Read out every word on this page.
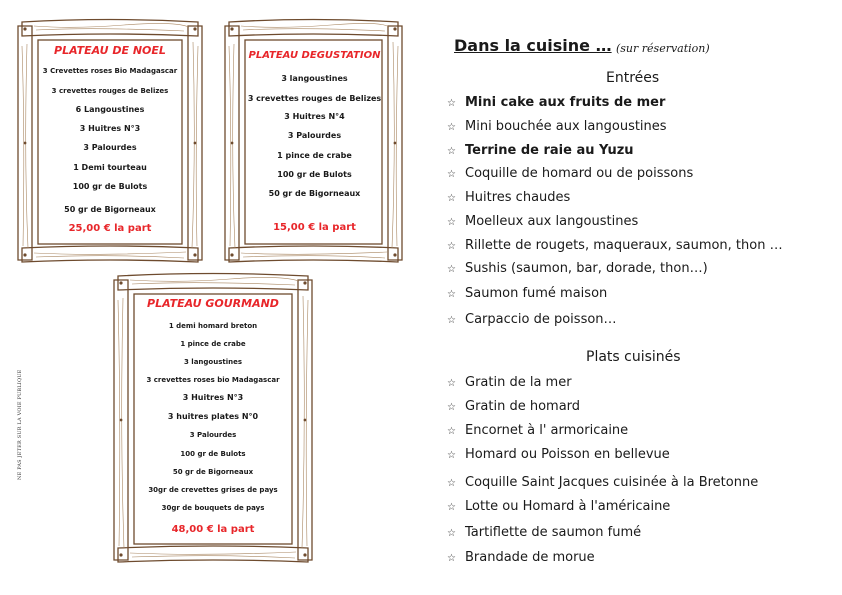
PLATEAU DE NOEL
3 Crevettes roses Bio Madagascar
3 crevettes rouges de Belizes
6 Langoustines
3 Huitres N°3
3 Palourdes
1 Demi tourteau
100 gr de Bulots
50 gr de Bigorneaux
25,00 € la part
PLATEAU DEGUSTATION
3 langoustines
3 crevettes rouges de Belizes
3 Huitres N°4
3 Palourdes
1 pince de crabe
100 gr de Bulots
50 gr de Bigorneaux
15,00 € la part
PLATEAU GOURMAND
1 demi homard breton
1 pince de crabe
3 langoustines
3 crevettes roses bio Madagascar
3 Huitres N°3
3 huitres plates N°0
3 Palourdes
100 gr de Bulots
50 gr de Bigorneaux
30gr de crevettes grises de pays
30gr de bouquets de pays
48,00 € la part
NE PAS JETER SUR LA VOIE PUBLIQUE
Dans la cuisine … (sur réservation)
Entrées
☆ Mini cake aux fruits de mer
☆ Mini bouchée aux langoustines
☆ Terrine de raie au Yuzu
☆ Coquille de homard ou de poissons
☆ Huitres chaudes
☆ Moelleux aux langoustines
☆ Rillette de rougets, maqueraux, saumon, thon …
☆ Sushis (saumon, bar, dorade, thon…)
☆ Saumon fumé maison
☆ Carpaccio de poisson…
Plats cuisinés
☆ Gratin de la mer
☆ Gratin de homard
☆ Encornet à l' armoricaine
☆ Homard ou Poisson en bellevue
☆ Coquille Saint Jacques cuisinée à la Bretonne
☆ Lotte ou Homard à l'américaine
☆ Tartiflette de saumon fumé
☆ Brandade de morue
